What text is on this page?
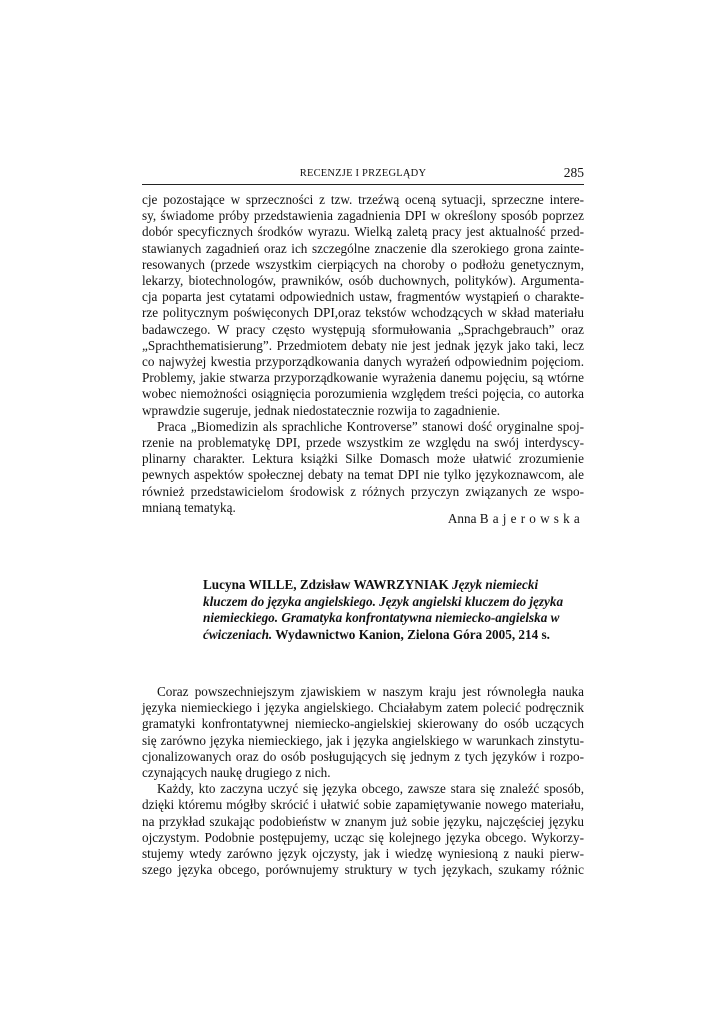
RECENZJE I PRZEGLĄDY	285

cje pozostające w sprzeczności z tzw. trzeźwą oceną sytuacji, sprzeczne intere-

sy, świadome próby przedstawienia zagadnienia DPI w określony sposób poprzez

dobór specyficznych środków wyrazu. Wielką zaletą pracy jest aktualność przed-

stawianych zagadnień oraz ich szczególne znaczenie dla szerokiego grona zainte-

resowanych (przede wszystkim cierpiących na choroby o podłożu genetycznym,

lekarzy, biotechnologów, prawników, osób duchownych, polityków). Argumenta-

cja poparta jest cytatami odpowiednich ustaw, fragmentów wystąpień o charakte-

rze politycznym poświęconych DPI,oraz tekstów wchodzących w skład materiału

badawczego. W pracy często występują sformułowania „Sprachgebrauch” oraz

„Sprachthematisierung”. Przedmiotem debaty nie jest jednak język jako taki, lecz

co najwyżej kwestia przyporządkowania danych wyrażeń odpowiednim pojęciom.

Problemy, jakie stwarza przyporządkowanie wyrażenia danemu pojęciu, są wtórne

wobec niemożności osiągnięcia porozumienia względem treści pojęcia, co autorka

wprawdzie sugeruje, jednak niedostatecznie rozwija to zagadnienie.

Praca „Biomedizin als sprachliche Kontroverse” stanowi dość oryginalne spoj-

rzenie na problematykę DPI, przede wszystkim ze względu na swój interdyscy-

plinarny charakter. Lektura książki Silke Domasch może ułatwić zrozumienie

pewnych aspektów społecznej debaty na temat DPI nie tylko językoznawcom, ale

również przedstawicielom środowisk z różnych przyczyn związanych ze wspo-

mnianą tematyką.

Anna Bajerowska

Lucyna WILLE, Zdzisław WAWRZYNIAK Język niemiecki kluczem do języka angielskiego. Język angielski kluczem do języka niemieckiego. Gramatyka konfrontatywna niemiecko-angielska w ćwiczeniach. Wydawnictwo Kanion, Zielona Góra 2005, 214 s.

Coraz powszechniejszym zjawiskiem w naszym kraju jest równoległa nauka

języka niemieckiego i języka angielskiego. Chciałabym zatem polecić podręcznik

gramatyki konfrontatywnej niemiecko-angielskiej skierowany do osób uczących

się zarówno języka niemieckiego, jak i języka angielskiego w warunkach zinstytu-

cjonalizowanych oraz do osób posługujących się jednym z tych języków i rozpo-

czynających naukę drugiego z nich.

Każdy, kto zaczyna uczyć się języka obcego, zawsze stara się znaleźć sposób,

dzięki któremu mógłby skrócić i ułatwić sobie zapamiętywanie nowego materiału,

na przykład szukając podobieństw w znanym już sobie języku, najczęściej języku

ojczystym. Podobnie postępujemy, ucząc się kolejnego języka obcego. Wykorzy-

stujemy wtedy zarówno język ojczysty, jak i wiedzę wyniesioną z nauki pierw-

szego języka obcego, porównujemy struktury w tych językach, szukamy różnic
